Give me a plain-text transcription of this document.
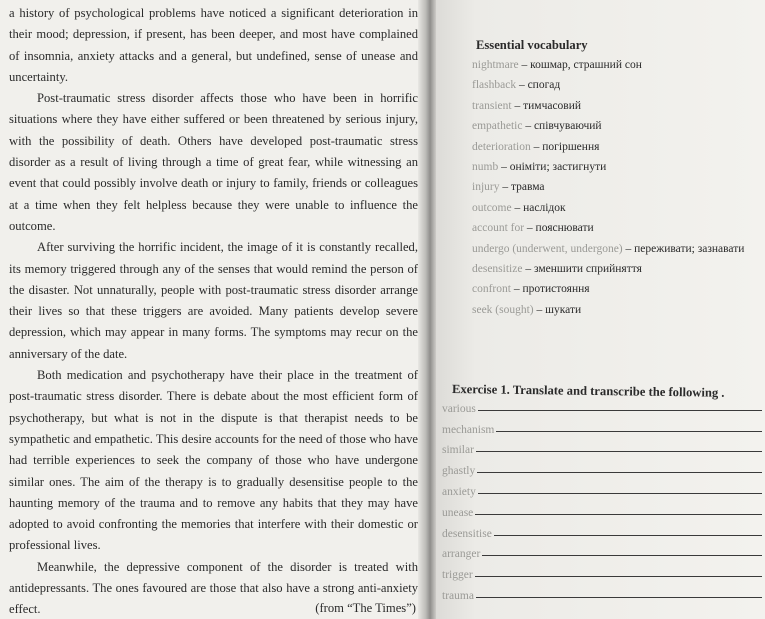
a history of psychological problems have noticed a significant deterioration in their mood; depression, if present, has been deeper, and most have complained of insomnia, anxiety attacks and a general, but undefined, sense of unease and uncertainty.

Post-traumatic stress disorder affects those who have been in horrific situations where they have either suffered or been threatened by serious injury, with the possibility of death. Others have developed post-traumatic stress disorder as a result of living through a time of great fear, while witnessing an event that could possibly involve death or injury to family, friends or colleagues at a time when they felt helpless because they were unable to influence the outcome.

After surviving the horrific incident, the image of it is constantly recalled, its memory triggered through any of the senses that would remind the person of the disaster. Not unnaturally, people with post-traumatic stress disorder arrange their lives so that these triggers are avoided. Many patients develop severe depression, which may appear in many forms. The symptoms may recur on the anniversary of the date.

Both medication and psychotherapy have their place in the treatment of post-traumatic stress disorder. There is debate about the most efficient form of psychotherapy, but what is not in the dispute is that therapist needs to be sympathetic and empathetic. This desire accounts for the need of those who have had terrible experiences to seek the company of those who have undergone similar ones. The aim of the therapy is to gradually desensitise people to the haunting memory of the trauma and to remove any habits that they may have adopted to avoid confronting the memories that interfere with their domestic or professional lives.

Meanwhile, the depressive component of the disorder is treated with antidepressants. The ones favoured are those that also have a strong anti-anxiety effect.	(from “The Times”)
Essential vocabulary
nightmare – кошмар, страшний сон
flashback – спогад
transient – тимчасовий
empathetic – співчуваючий
deterioration – погіршення
numb – оніміти; застигнути
injury – травма
outcome – наслідок
account for – пояснювати
undergo (underwent, undergone) – переживати; зазнавати
desensitize – зменшити сприйняття
confront – протистояння
seek (sought) – шукати
Exercise 1. Translate and transcribe the following .
various
mechanism
similar
ghastly
anxiety
unease
desensitise
arranger
trigger
trauma
